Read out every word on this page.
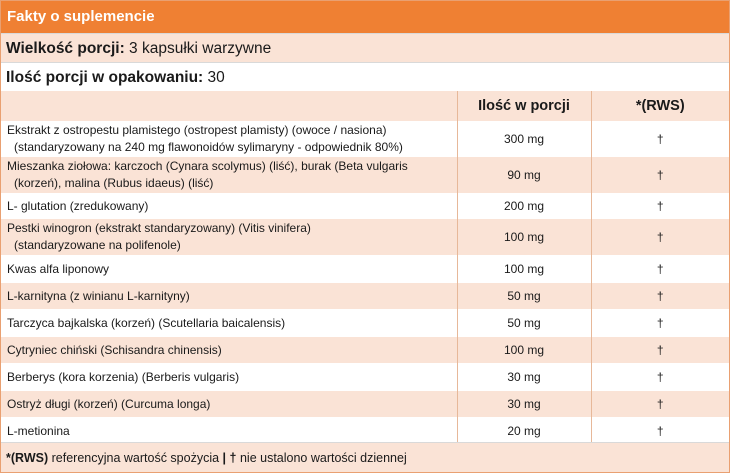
Fakty o suplemencie
Wielkość porcji: 3 kapsułki warzywne
Ilość porcji w opakowaniu: 30
	Ilość w porcji	*(RWS)
Ekstrakt z ostropestu plamistego (ostropest plamisty) (owoce / nasiona)
(standaryzowany na 240 mg flawonoidów sylimaryny - odpowiednik 80%)	300 mg	†
Mieszanka ziołowa: karczoch (Cynara scolymus) (liść), burak (Beta vulgaris
(korzeń), malina (Rubus idaeus) (liść)	90 mg	†
L- glutation (zredukowany)	200 mg	†
Pestki winogron (ekstrakt standaryzowany) (Vitis vinifera)
(standaryzowane na polifenole)	100 mg	†
Kwas alfa liponowy	100 mg	†
L-karnityna (z winianu L-karnityny)	50 mg	†
Tarczyca bajkalska (korzeń) (Scutellaria baicalensis)	50 mg	†
Cytryniec chiński (Schisandra chinensis)	100 mg	†
Berberys (kora korzenia) (Berberis vulgaris)	30 mg	†
Ostryż długi (korzeń) (Curcuma longa)	30 mg	†
L-metionina	20 mg	†
*(RWS) referencyjna wartość spożycia | † nie ustalono wartości dziennej
